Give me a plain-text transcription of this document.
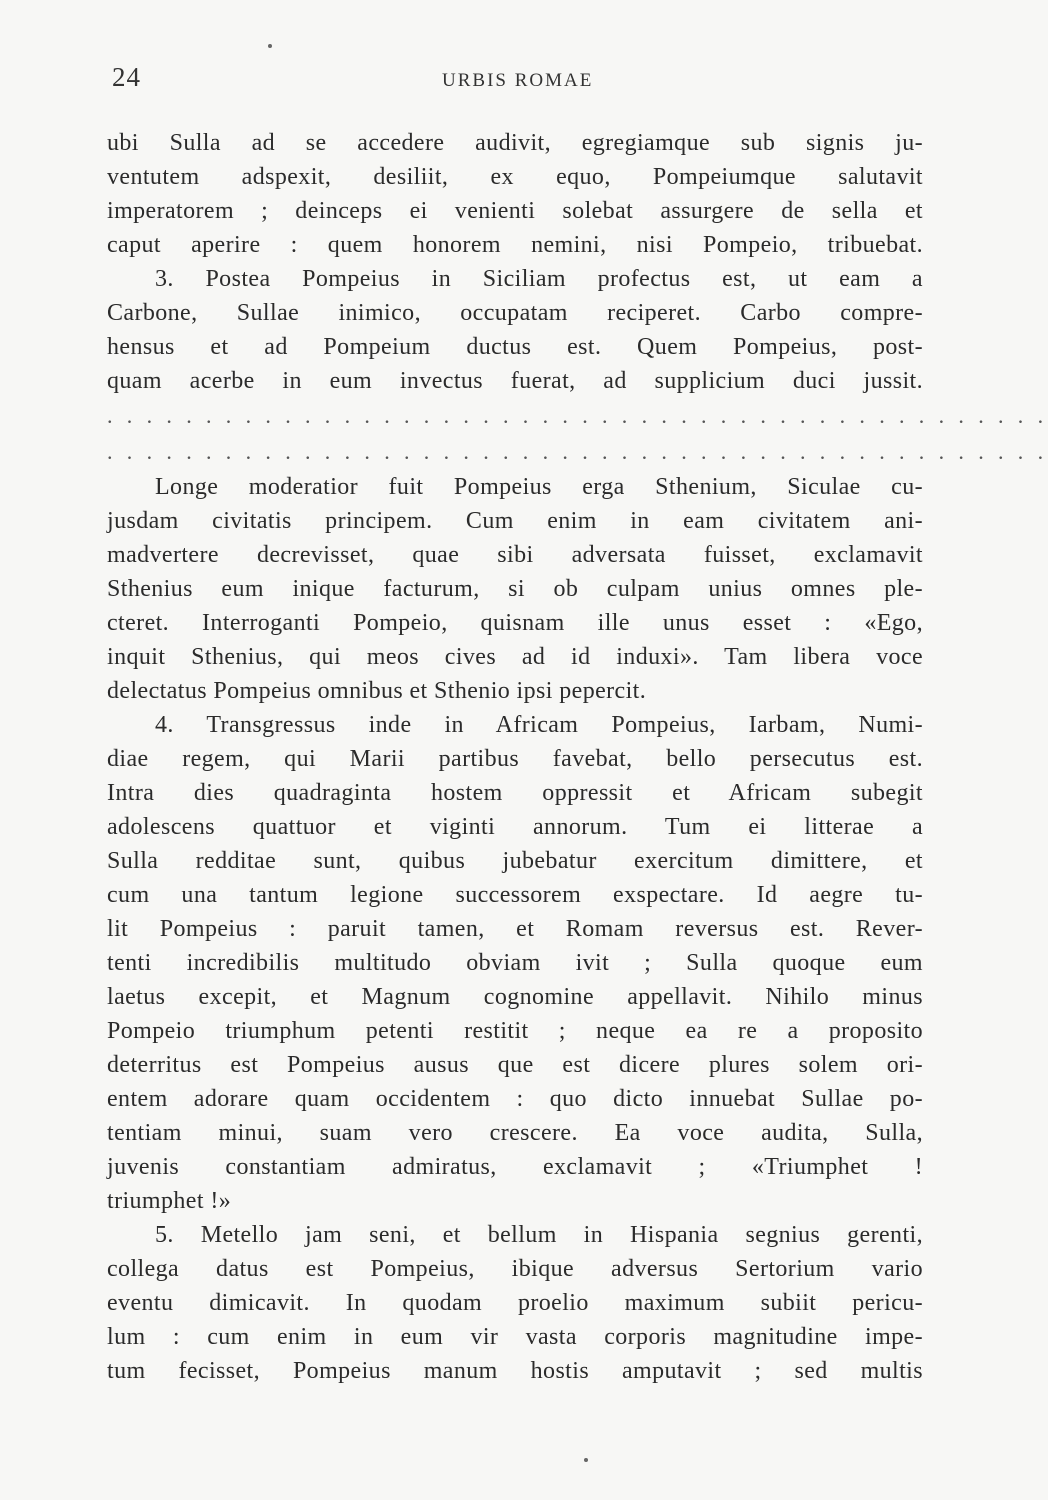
24	URBIS ROMAE
ubi Sulla ad se accedere audivit, egregiamque sub signis ju-
ventutem adspexit, desiliit, ex equo, Pompeiumque salutavit
imperatorem ; deinceps ei venienti solebat assurgere de sella et
caput aperire : quem honorem nemini, nisi Pompeio, tribuebat.
3. Postea Pompeius in Siciliam profectus est, ut eam a
Carbone, Sullae inimico, occupatam reciperet. Carbo compre-
hensus et ad Pompeium ductus est. Quem Pompeius, post-
quam acerbe in eum invectus fuerat, ad supplicium duci jussit.
. . . . . . . . . . . . . . . . . . . . . . . . . . . . . . . . . . . . . . . . . . . . . . . .
. . . . . . . . . . . . . . . . . . . . . . . . . . . . . . . . . . . . . . . . . . . . . . . .
Longe moderatior fuit Pompeius erga Sthenium, Siculae cu-
jusdam civitatis principem. Cum enim in eam civitatem ani-
madvertere decrevisset, quae sibi adversata fuisset, exclamavit
Sthenius eum inique facturum, si ob culpam unius omnes ple-
cteret. Interroganti Pompeio, quisnam ille unus esset : «Ego,
inquit Sthenius, qui meos cives ad id induxi». Tam libera voce
delectatus Pompeius omnibus et Sthenio ipsi pepercit.
4. Transgressus inde in Africam Pompeius, Iarbam, Numi-
diae regem, qui Marii partibus favebat, bello persecutus est.
Intra dies quadraginta hostem oppressit et Africam subegit
adolescens quattuor et viginti annorum. Tum ei litterae a
Sulla redditae sunt, quibus jubebatur exercitum dimittere, et
cum una tantum legione successorem exspectare. Id aegre tu-
lit Pompeius : paruit tamen, et Romam reversus est. Rever-
tenti incredibilis multitudo obviam ivit ; Sulla quoque eum
laetus excepit, et Magnum cognomine appellavit. Nihilo minus
Pompeio triumphum petenti restitit ; neque ea re a proposito
deterritus est Pompeius ausus que est dicere plures solem ori-
entem adorare quam occidentem : quo dicto innuebat Sullae po-
tentiam minui, suam vero crescere. Ea voce audita, Sulla,
juvenis constantiam admiratus, exclamavit ; «Triumphet !
triumphet !»
5. Metello jam seni, et bellum in Hispania segnius gerenti,
collega datus est Pompeius, ibique adversus Sertorium vario
eventu dimicavit. In quodam proelio maximum subiit pericu-
lum : cum enim in eum vir vasta corporis magnitudine impe-
tum fecisset, Pompeius manum hostis amputavit ; sed multis
